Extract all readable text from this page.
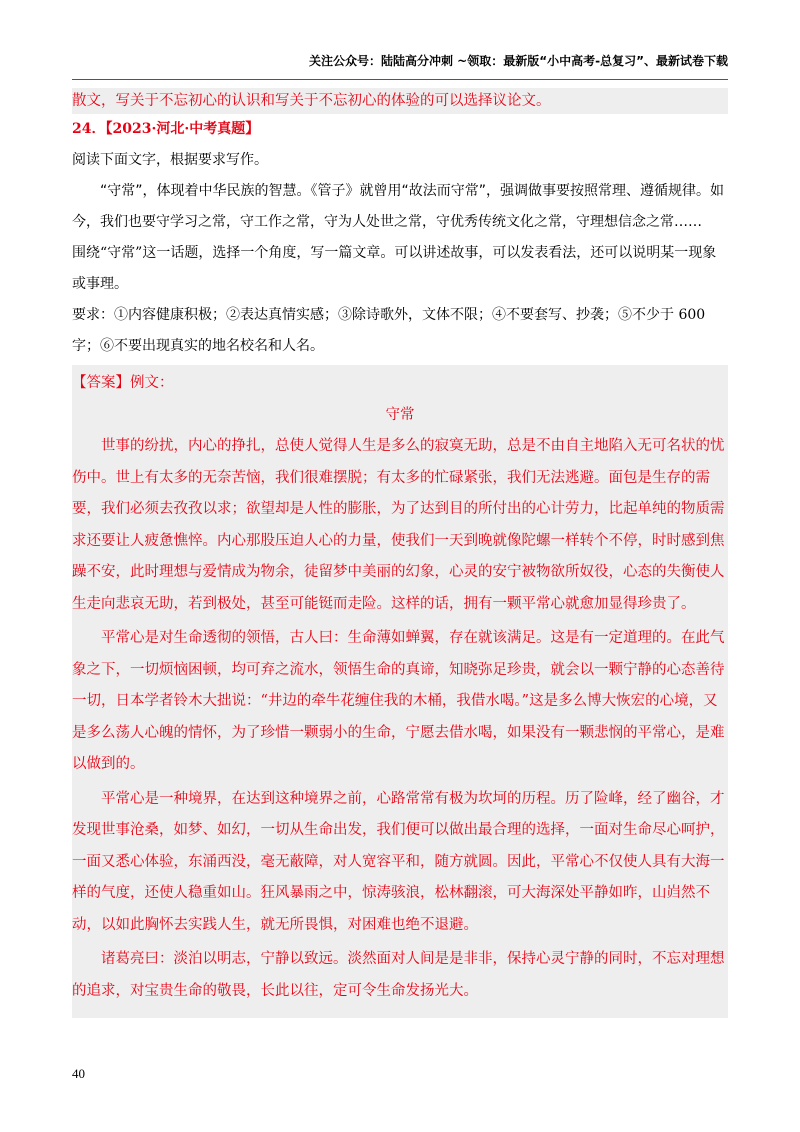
关注公众号：陆陆高分冲刺 ~领取：最新版“小中高考-总复习”、最新试卷下载

散文，写关于不忘初心的认识和写关于不忘初心的体验的可以选择议论文。

24．【2023·河北·中考真题】

阅读下面文字，根据要求写作。

“守常”，体现着中华民族的智慧。《管子》就曾用“故法而守常”，强调做事要按照常理、遵循规律。如今，我们也要守学习之常，守工作之常，守为人处世之常，守优秀传统文化之常，守理想信念之常……

围绕“守常”这一话题，选择一个角度，写一篇文章。可以讲述故事，可以发表看法，还可以说明某一现象或事理。

要求：①内容健康积极；②表达真情实感；③除诗歌外，文体不限；④不要套写、抄袭；⑤不少于 600 字；⑥不要出现真实的地名校名和人名。

【答案】例文：

守常

世事的纷扰，内心的挣扎，总使人觉得人生是多么的寂寞无助，总是不由自主地陷入无可名状的忧伤中。世上有太多的无奈苦恼，我们很难摆脱；有太多的忙碌紧张，我们无法逃避。面包是生存的需要，我们必须去孜孜以求；欲望却是人性的膨胀，为了达到目的所付出的心计劳力，比起单纯的物质需求还要让人疲惫憔悴。内心那股压迫人心的力量，使我们一天到晚就像陀螺一样转个不停，时时感到焦躁不安，此时理想与爱情成为物余，徒留梦中美丽的幻象，心灵的安宁被物欲所奴役，心态的失衡使人生走向悲哀无助，若到极处，甚至可能铤而走险。这样的话，拥有一颗平常心就愈加显得珍贵了。

平常心是对生命透彻的领悟，古人曰：生命薄如蝉翼，存在就该满足。这是有一定道理的。在此气象之下，一切烦恼困顿，均可弃之流水，领悟生命的真谛，知晓弥足珍贵，就会以一颗宁静的心态善待一切，日本学者铃木大拙说：“井边的牵牛花缠住我的木桶，我借水喝。”这是多么博大恢宏的心境，又是多么荡人心魄的情怀，为了珍惜一颗弱小的生命，宁愿去借水喝，如果没有一颗悲悯的平常心，是难以做到的。

平常心是一种境界，在达到这种境界之前，心路常常有极为坎坷的历程。历了险峰，经了幽谷，才发现世事沧桑，如梦、如幻，一切从生命出发，我们便可以做出最合理的选择，一面对生命尽心呵护，一面又悉心体验，东涌西没，毫无蔽障，对人宽容平和，随方就圆。因此，平常心不仅使人具有大海一样的气度，还使人稳重如山。狂风暴雨之中，惊涛骇浪，松林翻滚，可大海深处平静如昨，山岿然不动，以如此胸怀去实践人生，就无所畏惧，对困难也绝不退避。

诸葛亮曰：淡泊以明志，宁静以致远。淡然面对人间是是非非，保持心灵宁静的同时，不忘对理想的追求，对宝贵生命的敬畏，长此以往，定可令生命发扬光大。

40
